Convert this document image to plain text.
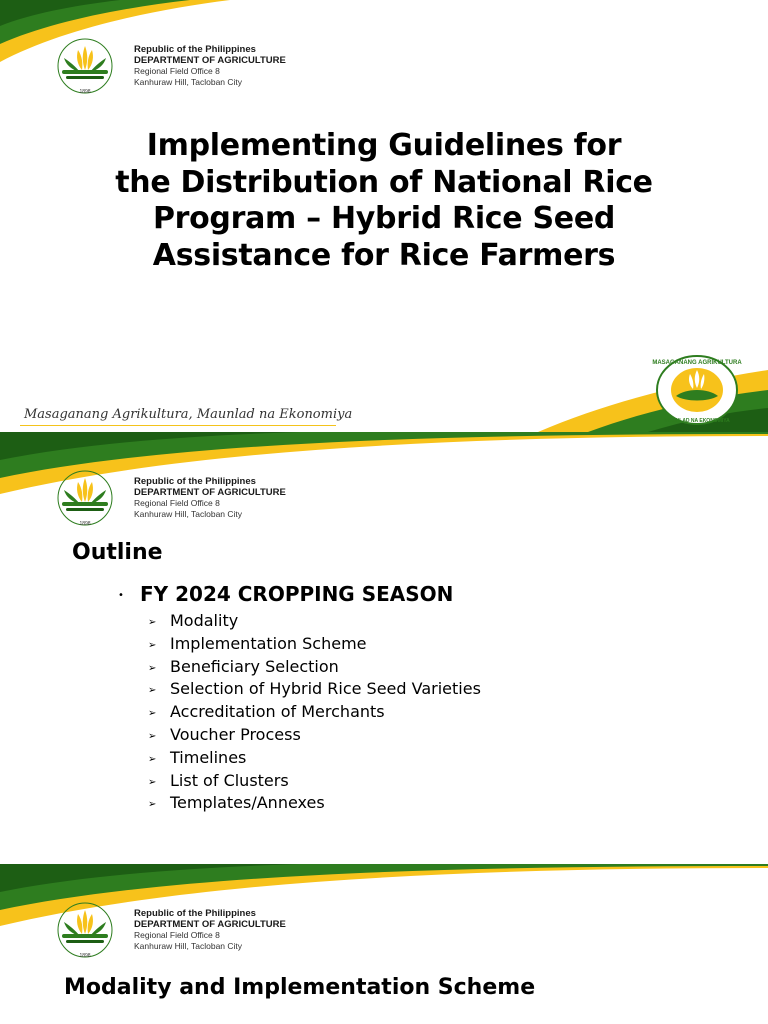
1898
Republic of the Philippines
DEPARTMENT OF AGRICULTURE
Regional Field Office 8
Kanhuraw Hill, Tacloban City
Implementing Guidelines for
the Distribution of National Rice
Program – Hybrid Rice Seed
Assistance for Rice Farmers
Masaganang Agrikultura, Maunlad na Ekonomiya
MASAGANANG AGRIKULTURA
MAUNLAD NA EKONOMIYA
1898
Republic of the Philippines
DEPARTMENT OF AGRICULTURE
Regional Field Office 8
Kanhuraw Hill, Tacloban City
Outline
• FY 2024 CROPPING SEASON
➢ Modality
➢ Implementation Scheme
➢ Beneficiary Selection
➢ Selection of Hybrid Rice Seed Varieties
➢ Accreditation of Merchants
➢ Voucher Process
➢ Timelines
➢ List of Clusters
➢ Templates/Annexes
1898
Republic of the Philippines
DEPARTMENT OF AGRICULTURE
Regional Field Office 8
Kanhuraw Hill, Tacloban City
Modality and Implementation Scheme
